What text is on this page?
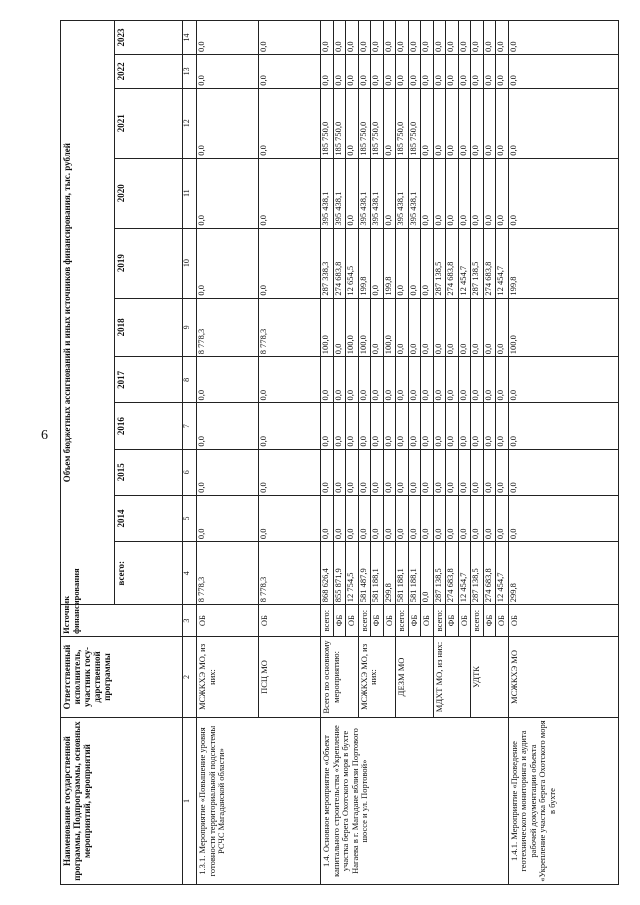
6
Наименование государственной программы, Подпрограммы, основных мероприятий, мероприятий	Ответственный исполнитель, участник госу-дарственной программы	Источник финансирования	Объем бюджетных ассигнований и иных источников финансирования, тыс. рублей										
			всего:	2014	2015	2016	2017	2018	2019	2020	2021	2022	2023

1	2	3	4	5	6	7	8	9	10	11	12	13	14
1.3.1. Мероприятие «Повышение уровня готовности территориальной подсистемы РСЧС Магаданской области»	МСЖКХЭ МО, из них:	ОБ	8 778,3	0,0	0,0	0,0	0,0	8 778,3	0,0	0,0	0,0	0,0	0,0
	ПСЦ МО	ОБ	8 778,3	0,0	0,0	0,0	0,0	8 778,3	0,0	0,0	0,0	0,0	0,0
1.4. Основное мероприятие «Объект капитального строительства «Укрепление участка берега Охотского моря в бухте Нагаева в г. Магадане вблизи Портового шоссе и ул. Портовой»	Всего по основному мероприятию:	всего:	868 626,4	0,0	0,0	0,0	0,0	100,0	287 338,3	395 438,1	185 750,0	0,0	0,0
		ФБ	855 871,9	0,0	0,0	0,0	0,0	0,0	274 683,8	395 438,1	185 750,0	0,0	0,0
		ОБ	12 754,5	0,0	0,0	0,0	0,0	100,0	12 654,5	0,0	0,0	0,0	0,0
	МСЖКХЭ МО, из них:	всего:	581 487,9	0,0	0,0	0,0	0,0	100,0	199,8	395 438,1	185 750,0	0,0	0,0
		ФБ	581 188,1	0,0	0,0	0,0	0,0	0,0	0,0	395 438,1	185 750,0	0,0	0,0
		ОБ	299,8	0,0	0,0	0,0	0,0	100,0	199,8	0,0	0,0	0,0	0,0
	ДЕЗМ МО	всего:	581 188,1	0,0	0,0	0,0	0,0	0,0	0,0	395 438,1	185 750,0	0,0	0,0
		ФБ	581 188,1	0,0	0,0	0,0	0,0	0,0	0,0	395 438,1	185 750,0	0,0	0,0
		ОБ	0,0	0,0	0,0	0,0	0,0	0,0	0,0	0,0	0,0	0,0	0,0
	МДХТ МО, из них:	всего:	287 138,5	0,0	0,0	0,0	0,0	0,0	287 138,5	0,0	0,0	0,0	0,0
		ФБ	274 683,8	0,0	0,0	0,0	0,0	0,0	274 683,8	0,0	0,0	0,0	0,0
		ОБ	12 454,7	0,0	0,0	0,0	0,0	0,0	12 454,7	0,0	0,0	0,0	0,0
	УДТК	всего:	287 138,5	0,0	0,0	0,0	0,0	0,0	287 138,5	0,0	0,0	0,0	0,0
		ФБ	274 683,8	0,0	0,0	0,0	0,0	0,0	274 683,8	0,0	0,0	0,0	0,0
		ОБ	12 454,7	0,0	0,0	0,0	0,0	0,0	12 454,7	0,0	0,0	0,0	0,0
1.4.1. Мероприятие «Проведение геотехнического мониторинга и аудита рабочей документации объекта «Укрепление участка берега Охотского моря в бухте	МСЖКХЭ МО	ОБ	299,8	0,0	0,0	0,0	0,0	100,0	199,8	0,0	0,0	0,0	0,0
